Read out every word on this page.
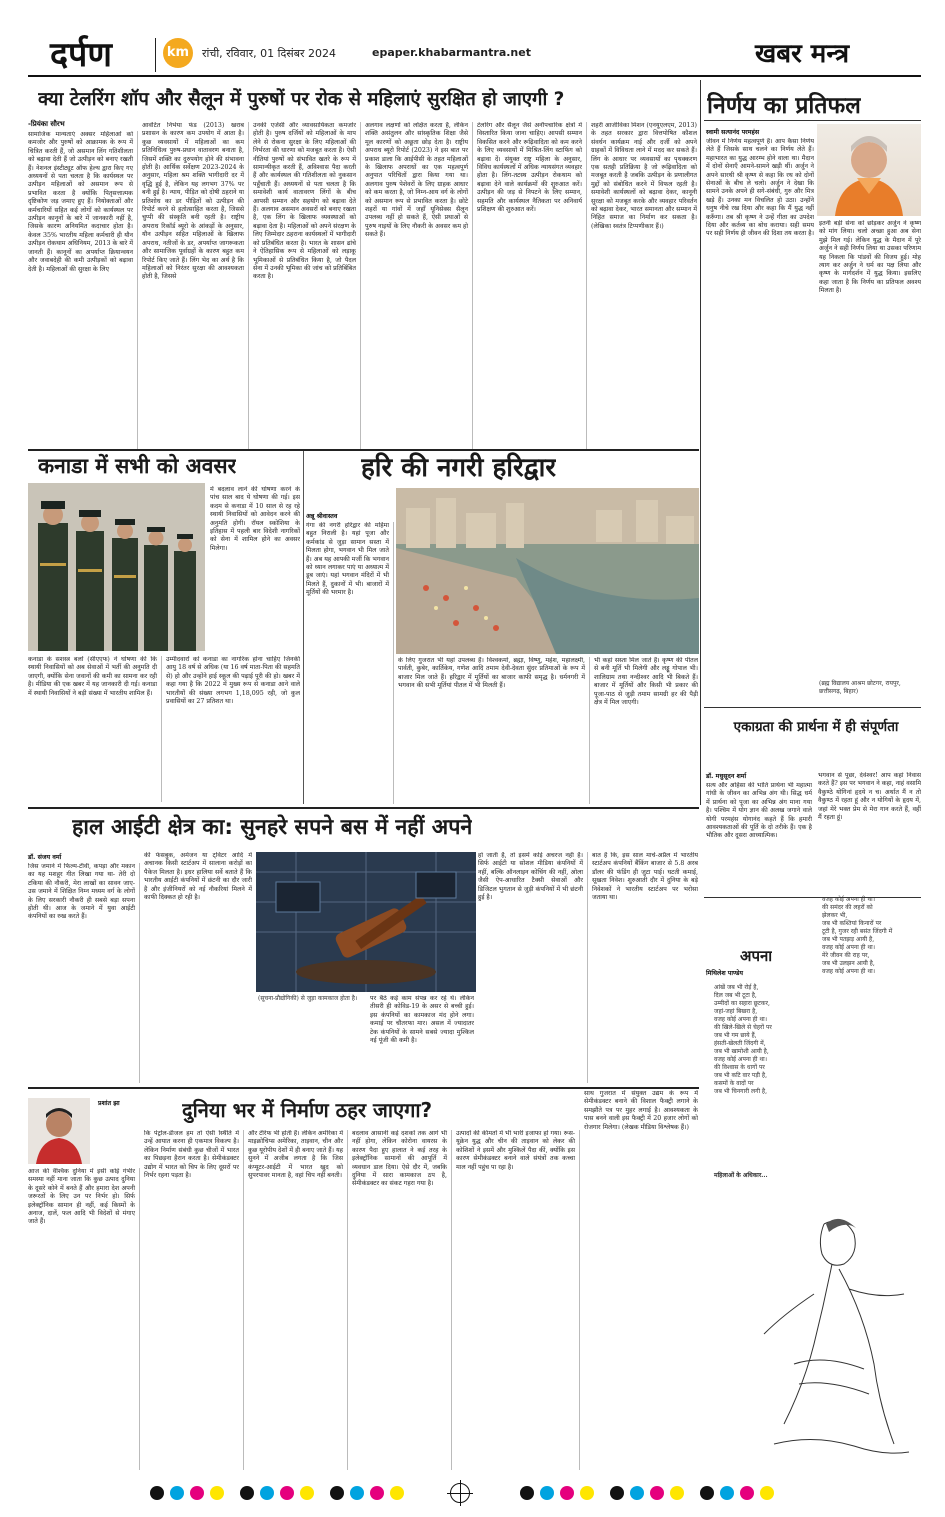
दर्पण	km	रांची, रविवार, 01 दिसंबर 2024	epaper.khabarmantra.net	खबर मन्त्र
क्या टेलरिंग शॉप और सैलून में पुरुषों पर रोक से महिलाएं सुरक्षित हो जाएगी ?
-प्रियंका सौरभ
सामाजिक मान्यताएं अक्सर महिलाओं को कमजोर और पुरुषों को आक्रामक के रूप में चित्रित करती हैं, जो असमान लिंग गतिशीलता को बढ़ावा देती हैं जो उत्पीड़न को बनाए रखती हैं। नेशनल इंस्टीट्यूट ऑफ हेल्थ द्वारा किए गए अध्ययनों से पता चलता है कि कार्यस्थल पर उत्पीड़न महिलाओं को असमान रूप से प्रभावित करता है क्योंकि पितृसत्तात्मक दृष्टिकोण जड़ जमाए हुए हैं। नियोक्ताओं और कर्मचारियों सहित कई लोगों को कार्यस्थल पर उत्पीड़न कानूनों के बारे में जानकारी नहीं है, जिसके कारण अनियमित कदाचार होता है। केवल 35% भारतीय महिला कर्मचारी ही यौन उत्पीड़न रोकथाम अधिनियम, 2013 के बारे में जानती हैं। कानूनों का अपर्याप्त क्रियान्वयन और जवाबदेही की कमी उत्पीड़कों को बढ़ावा देती है। महिलाओं की सुरक्षा के लिए
आवंटित निर्भया फंड (2013) खराब प्रशासन के कारण कम उपयोग में आता है। कुछ व्यवसायों में महिलाओं का कम प्रतिनिधित्व पुरुष-प्रधान वातावरण बनाता है, जिसमें शक्ति का दुरुपयोग होने की संभावना होती है। आर्थिक सर्वेक्षण 2023-2024 के अनुसार, महिला श्रम शक्ति भागीदारी दर में वृद्धि हुई है, लेकिन यह लगभग 37% पर बनी हुई है। न्याय, पीड़ित को दोषी ठहराने या प्रतिशोध का डर पीड़ितों को उत्पीड़न की रिपोर्ट करने से हतोत्साहित करता है, जिससे चुप्पी की संस्कृति बनी रहती है। राष्ट्रीय अपराध रिकॉर्ड ब्यूरो के आंकड़ों के अनुसार, यौन उत्पीड़न सहित महिलाओं के खिलाफ अपराध, नतीजों के डर, अपर्याप्त जागरूकता और सामाजिक पूर्वाग्रहों के कारण बहुत कम रिपोर्ट किए जाते हैं। लिंग भेद का अर्थ है कि महिलाओं को निरंतर सुरक्षा की आवश्यकता होती है, जिससे
उनकी एजेंसी और व्यावसायिकता कमजोर होती है। पुरुष दर्जियों को महिलाओं के माप लेने से रोकना सुरक्षा के लिए महिलाओं की निर्भरता की धारणा को मजबूत करता है। ऐसी नीतियां पुरुषों को संभावित खतरे के रूप में सामान्यीकृत करती हैं, अविश्वास पैदा करती हैं और कार्यस्थल की गतिशीलता को नुकसान पहुँचाती हैं। अध्ययनों से पता चलता है कि समावेशी कार्य वातावरण लिंगों के बीच आपसी सम्मान और सहयोग को बढ़ावा देते हैं। अलगाव असमान अवसरों को बनाए रखता है, एक लिंग के खिलाफ व्यवस्थाओं को बढ़ावा देता है। महिलाओं को अपने संरक्षण के लिए जिम्मेदार ठहराना कार्यस्थलों में भागीदारी को प्रतिबंधित करता है। भारत के शासन ढांचे ने ऐतिहासिक रूप से महिलाओं को लड़ाकू भूमिकाओं से प्रतिबंधित किया है, जो पैदल सेना में उनकी भूमिका की जांच को प्रतिबिंबित करता है।
अलगाव लक्षणों को लक्षित करता है, लेकिन शक्ति असंतुलन और सांस्कृतिक शिक्षा जैसे मूल कारणों को अछूता छोड़ देता है। राष्ट्रीय अपराध ब्यूरो रिपोर्ट (2023) ने इस बात पर प्रकाश डाला कि आईपीसी के तहत महिलाओं के खिलाफ अपराधों का एक महत्वपूर्ण अनुपात परिचितों द्वारा किया गया था। अलगाव पुरुष पेशेवरों के लिए ग्राहक आधार को कम करता है, जो निम्न-आय वर्ग के लोगों को असमान रूप से प्रभावित करता है। छोटे शहरों या गांवों में जहाँ यूनिसेक्स सैलून उपलब्ध नहीं हो सकते हैं, ऐसी प्रथाओं से पुरुष नाइयों के लिए नौकरी के अवसर कम हो सकते हैं।
टेलरिंग और सैलून जैसे अनौपचारिक क्षेत्रों में विस्तारित किया जाना चाहिए। आपसी सम्मान विकसित करने और रूढ़िवादिता को कम करने के लिए व्यवसायों में मिश्रित-लिंग स्टाफिंग को बढ़ावा दें। संयुक्त राष्ट्र महिला के अनुसार, विविध कार्यस्थलों में अधिक न्यायसंगत व्यवहार होता है। लिंग-तटस्थ उत्पीड़न रोकथाम को बढ़ावा देने वाले कार्यक्रमों की शुरुआत करें। उत्पीड़न की जड़ से निपटने के लिए सम्मान, सहमति और कार्यस्थल नैतिकता पर अनिवार्य प्रशिक्षण की शुरुआत करें।
शहरी आजीविका मिशन (एनयूएलएम, 2013) के तहत सरकार द्वारा वित्तपोषित कौशल संवर्धन कार्यक्रम नाई और दर्जी को अपने ग्राहकों में विविधता लाने में मदद कर सकते हैं। लिंग के आधार पर व्यवसायों का पृथक्करण एक सतही प्रतिक्रिया है जो रूढ़िवादिता को मजबूत करती है जबकि उत्पीड़न के प्रणालीगत मुद्दों को संबोधित करने में विफल रहती है। समावेशी कार्यस्थलों को बढ़ावा देकर, कानूनी सुरक्षा को मजबूत करके और व्यवहार परिवर्तन को बढ़ावा देकर, भारत समानता और सम्मान में निहित समाज का निर्माण कर सकता है। (लेखिका स्वतंत्र टिप्पणीकार हैं।)
निर्णय का प्रतिफल
स्वामी सत्यानंद परमहंस
जीवन में निर्णय महत्वपूर्ण है। आप कैसा निर्णय लेते हैं जिसके साथ चलने का निर्णय लेते हैं। महाभारत का युद्ध आरम्भ होने वाला था। मैदान में दोनों सेनाएँ आमने-सामने खड़ी थीं। अर्जुन ने अपने सारथी श्री कृष्ण से कहा कि रथ को दोनों सेनाओं के बीच ले चलो। अर्जुन ने देखा कि सामने उनके अपने ही सगे-संबंधी, गुरु और मित्र खड़े हैं। उनका मन विचलित हो उठा। उन्होंने धनुष नीचे रख दिया और कहा कि मैं युद्ध नहीं करूँगा। तब श्री कृष्ण ने उन्हें गीता का उपदेश दिया और कर्तव्य का बोध कराया। सही समय पर सही निर्णय ही जीवन की दिशा तय करता है।
इतनी बड़ी सेना को छोड़कर अर्जुन ने कृष्ण को मांग लिया। चलो अच्छा हुआ अब सेना मुझे मिल गई। लेकिन युद्ध के मैदान में पूरे अर्जुन ने सही निर्णय लिया था उसका परिणाम यह निकला कि पांडवों की विजय हुई। मोह त्याग कर अर्जुन ने धर्म का पक्ष लिया और कृष्ण के मार्गदर्शन में युद्ध किया। इसलिए कहा जाता है कि निर्णय का प्रतिफल अवश्य मिलता है।
(ब्रह्म विद्यालय आश्रम छोटगर, रायपुर, छत्तीसगढ़, बिहार)
एकाग्रता की प्रार्थना में ही संपूर्णता
डॉ. मधुसूदन शर्मा
सत्य और अहिंसा की भांति प्रार्थना भी महात्मा गांधी के जीवन का अभिन्न अंग थी। सिद्ध धर्म में प्रार्थना को पूजा का अभिन्न अंग माना गया है। पश्चिम में योग ज्ञान की अलख जगाने वाले योगी परमहंस योगानंद कहते हैं कि हमारी आवश्यकताओं की पूर्ति के दो तरीके हैं। एक है भौतिक और दूसरा आध्यात्मिक।
भगवान से पूछा, देवेश्वर! आप कहां निवास करते हैं? इस पर भगवान ने कहा, नाहं वसामि वैकुण्ठे योगिनां हृदये न च। अर्थात मैं न तो वैकुण्ठ में रहता हूं और न योगियों के हृदय में, जहां मेरे भक्त प्रेम से मेरा गान करते हैं, वहीं मैं रहता हूं।
कनाडा में सभी को अवसर
में बदलाव लाने की घोषणा करने के पांच साल बाद ये घोषणा की गई। इस कदम से कनाडा में 10 साल से रह रहे स्थायी निवासियों को आवेदन करने की अनुमति होगी। रॉयल स्कोशिया के इतिहास में पहली बार विदेशी नागरिकों को सेना में शामिल होने का अवसर मिलेगा।
कनाडा के सशस्त्र बलों (सीएएफ) ने घोषणा की कि स्थायी निवासियों को अब सेवाओं में भर्ती की अनुमति दी जाएगी, क्योंकि सेना जवानों की कमी का सामना कर रही है। मीडिया की एक खबर में यह जानकारी दी गई। कनाडा में स्थायी निवासियों ने बड़ी संख्या में भारतीय शामिल हैं।
उम्मीदवारों को कनाडा का नागरिक होना चाहिए जिनकी आयु 18 वर्ष से अधिक (या 16 वर्ष माता-पिता की सहमति से) हो और उन्होंने हाई स्कूल की पढ़ाई पूरी की हो। खबर में कहा गया है कि 2022 में मुख्य रूप से कनाडा आने वाले भारतीयों की संख्या लगभग 1,18,095 रही, जो कुल प्रवासियों का 27 प्रतिशत था।
हरि की नगरी हरिद्वार
अन्नू श्रीवास्तव
गंगा की नगरी हरिद्वार की महिमा बहुत निराली है। यहां पूजा और कर्मकांड से जुड़ा सामान सस्ता में मिलता होगा, भगवान भी मिल जाते हैं। अब यह आपकी मर्जी कि भगवान को ध्यान लगाकर पाएं या अध्यात्म में डूब जाएं। यहां भगवान मंदिरों में भी मिलते हैं, दुकानों में भी। बाजारों में मूर्तियों की भरमार है।
के लिए गुजरात भी यहां उपलब्ध हैं। विश्वकर्मा, ब्रह्मा, विष्णु, महेश, महालक्ष्मी, पार्वती, कुबेर, कार्तिकेय, गणेश आदि तमाम देवी-देवता सुंदर प्रतिमाओं के रूप में बाजार मिल जाते हैं। हरिद्वार में मूर्तियों का बाजार काफी समृद्ध है। धर्मनगरी में भगवान की सभी मूर्तियां पीतल में भी मिलती हैं।
भी कहां सस्ता मिल जाते हैं। कृष्ण की पीतल से बनी मूर्ति भी मिलेगी और लड्डू गोपाल भी। शालिग्राम तथा नन्दीश्वर आदि भी बिकते हैं। बाजार में मूर्तियों और किसी भी प्रकार की पूजा-पाठ से जुड़ी तमाम सामग्री हर की पैड़ी क्षेत्र में मिल जाएगी।
हाल आईटी क्षेत्र का: सुनहरे सपने बस में नहीं अपने
डॉ. संजय वर्मा
जिस जमाने में फिल्म-टीवी, कपड़ा और मकान का यह मशहूर गीत लिखा गया था- तेरी दो टकिया की नौकरी, मेरा लाखों का सावन जाए- उस जमाने में शिक्षित निम्न मध्यम वर्ग के लोगों के लिए सरकारी नौकरी ही सबसे बड़ा सपना होती थी। आज के जमाने में युवा आईटी कंपनियों का रुख करते हैं।
की फेसबुक, अमेजन या ट्विटर आदि में अचानक किसी स्टार्टअप में सालाना करोड़ों का पैकेज मिलता है। इधर हालिया सर्वे बताते हैं कि भारतीय आईटी कंपनियों में छंटनी का दौर जारी है और इंजीनियरों को नई नौकरियां मिलने में काफी दिक्कत हो रही है।
(सूचना-प्रौद्योगिकी) से जुड़ा कामकाज होता है।	पर बैठे कई काम संपन्न कर रहे थे। लेकिन तीसरी ही कोविड-19 के असर से बच्ची हुई। इस कंपनियों का कामकाज मंद होने लगा। कमाई पर चौतरफा मार। असल में ज्यादातर टेक कंपनियों के सामने सबसे ज्यादा मुश्किल नई पूंजी की कमी है।
हो जाती है, तो इसमें कोई अचरज नहीं है। सिर्फ आईटी या सोशल मीडिया कंपनियों में नहीं, बल्कि ऑनलाइन कोचिंग की नहीं, ओला जैसी ऐप-आधारित टैक्सी सेवाओं और डिजिटल भुगतान से जुड़ी कंपनियों में भी छंटनी हुई है।
बात है कि, इस साल मार्च-अप्रैल में भारतीय स्टार्टअप कंपनियों बैंकिंग बाजार से 5.8 अरब डॉलर की फंडिंग ही जुटा पाई। घटती कमाई, सूखता निवेश। शुरुआती दौर में दुनिया के बड़े निवेशकों ने भारतीय स्टार्टअप पर भरोसा जताया था।
अपना
मिथिलेश पाण्डेय
आंखें जब भी रोई है,
दिल जब भी टूटा है,
उम्मीदों का सहारा छूटकर,
जहां-जहां बिखरा है,
वजह कोई अपना ही था।
की खिले-खिले से चेहरों पर
जब भी गम छाये हैं,
हंसती-खेलती जिंदगी में,
जब भी खामोशी आयी है,
वजह कोई अपना ही था।
की विश्वास के धागों पर
जब भी कटि वार पड़ी है,
कसमों के वादों पर
जब भी चिनगारी लगी है,
वजह कोई अपना ही था।
की समंदर की लहरों को
झेलकर भी,
जब भी कश्तियां किनारों पर
टूटी है, गुजर रही बसंत जिंदगी में
जब भी पतझड़ आयी है,
वजह कोई अपना ही था।
मेरे जीवन की राह पर,
जब भी उलझन आयी है,
वजह कोई अपना ही था।
महिलाओं के अधिकार...
प्रशांत झा	दुनिया भर में निर्माण ठहर जाएगा?
आज की वैश्विक दुनिया में इसी कोई गंभीर समस्या नहीं माना जाता कि कुछ उत्पाद दुनिया के दूसरे कोने में बनते हैं और हमारा देश अपनी जरूरतों के लिए उन पर निर्भर हो। सिर्फ इलेक्ट्रॉनिक सामान ही नहीं, कई किस्मों के अनाज, दालें, फल आदि भी विदेशों से मंगाए जाते हैं।
कि पेट्रोल-डीजल हम तो ऐसी स्थिति में उन्हें आयात करना ही एकमात्र विकल्प है। लेकिन निर्माण संबंधी कुछ चीजों में भारत का पिछड़ना हैरान करता है। सेमीकंडक्टर उद्योग में भारत को चिप के लिए दूसरों पर निर्भर रहना पड़ता है।
और टेरिफ भी होती हैं। लेकिन अमेरिका में माइक्रोचिप्स अमेरिका, ताइवान, चीन और कुछ यूरोपीय देशों में ही बनाए जाते हैं। यह सुनने में अजीब लगता है कि जिस कंप्यूटर-आईटी में भारत खुद को सुपरपावर मानता है, वहां चिप नहीं बनती।
बदलाव आसानी कई दशकों तक आगे भी नहीं होगा, लेकिन कोरोना वायरस के कारण पैदा हुए हालात ने कई तरह के इलेक्ट्रॉनिक सामानों की आपूर्ति में व्यवधान डाल दिया। ऐसे दौर में, जबकि दुनिया में सारा कामकाज ठप है, सेमीकंडक्टर का संकट गहरा गया है।
उत्पादों की कीमतों में भी भारी इजाफा हो गया। रूस-यूक्रेन युद्ध और चीन की ताइवान को लेकर की कोशिशों ने इसमें और मुश्किलें पैदा कीं, क्योंकि इस कारण सेमीकंडक्टर बनाने वाले संयंत्रों तक कच्चा माल नहीं पहुंच पा रहा है।
साथ गुजरात में संयुक्त उद्यम के रूप में सेमीकंडक्टर बनाने की विशाल फैक्ट्री लगाने के समझौते पत्र पर मुहर लगाई है। आवश्यकता के पास बनने वाली इस फैक्ट्री में 20 हजार लोगों को रोजगार मिलेगा। (लेखक मीडिया विश्लेषक हैं।)
